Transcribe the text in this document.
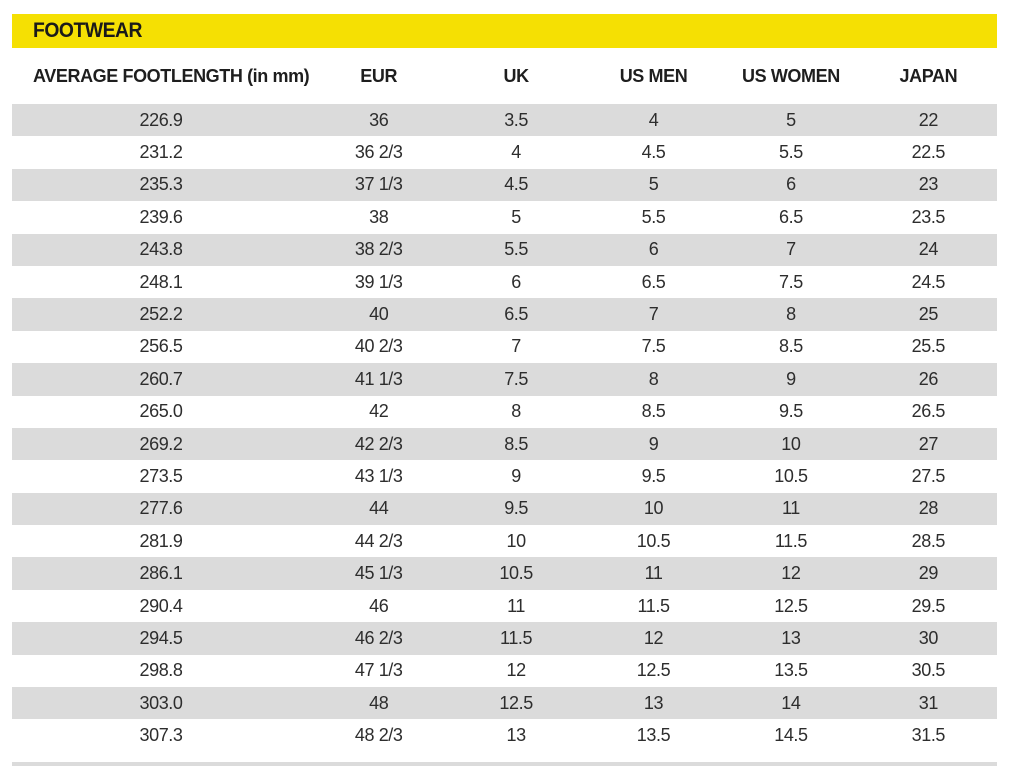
FOOTWEAR
AVERAGE FOOTLENGTH (in mm)	EUR	UK	US MEN	US WOMEN	JAPAN
226.9	36	3.5	4	5	22
231.2	36 2/3	4	4.5	5.5	22.5
235.3	37 1/3	4.5	5	6	23
239.6	38	5	5.5	6.5	23.5
243.8	38 2/3	5.5	6	7	24
248.1	39 1/3	6	6.5	7.5	24.5
252.2	40	6.5	7	8	25
256.5	40 2/3	7	7.5	8.5	25.5
260.7	41 1/3	7.5	8	9	26
265.0	42	8	8.5	9.5	26.5
269.2	42 2/3	8.5	9	10	27
273.5	43 1/3	9	9.5	10.5	27.5
277.6	44	9.5	10	11	28
281.9	44 2/3	10	10.5	11.5	28.5
286.1	45 1/3	10.5	11	12	29
290.4	46	11	11.5	12.5	29.5
294.5	46 2/3	11.5	12	13	30
298.8	47 1/3	12	12.5	13.5	30.5
303.0	48	12.5	13	14	31
307.3	48 2/3	13	13.5	14.5	31.5
